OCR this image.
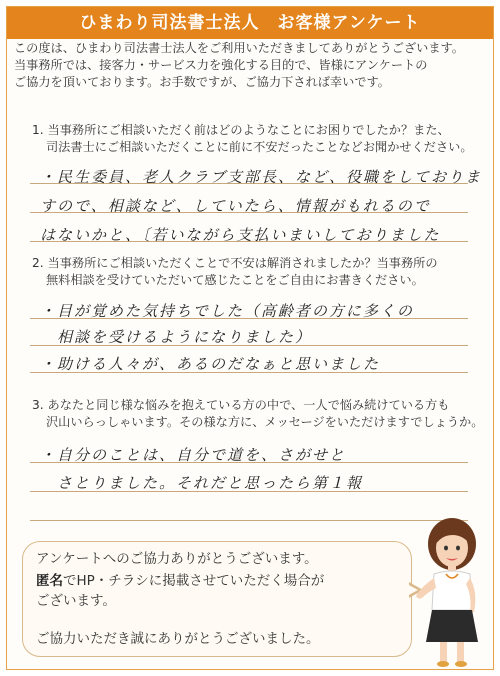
ひまわり司法書士法人　お客様アンケート
この度は、ひまわり司法書士法人をご利用いただきましてありがとうございます。
当事務所では、接客力・サービス力を強化する目的で、皆様にアンケートの
ご協力を頂いております。お手数ですが、ご協力下されば幸いです。
1. 当事務所にご相談いただく前はどのようなことにお困りでしたか？また、
司法書士にご相談いただくことに前に不安だったことなどお聞かせください。
・民生委員、老人クラブ支部長、など、役職をしておりま
すので、相談など、していたら、情報がもれるので
はないかと、〔若いながら支払いまいしておりました
2. 当事務所にご相談いただくことで不安は解消されましたか？当事務所の
無料相談を受けていただいて感じたことをご自由にお書きください。
・目が覚めた気持ちでした（高齢者の方に多くの
　相談を受けるようになりました）
・助ける人々が、あるのだなぁと思いました
3. あなたと同じ様な悩みを抱えている方の中で、一人で悩み続けている方も
沢山いらっしゃいます。その様な方に、メッセージをいただけますでしょうか。
・自分のことは、自分で道を、さがせと
　さとりました。それだと思ったら第１報
アンケートへのご協力ありがとうございます。
匿名でHP・チラシに掲載させていただく場合が
ございます。
ご協力いただき誠にありがとうございました。
